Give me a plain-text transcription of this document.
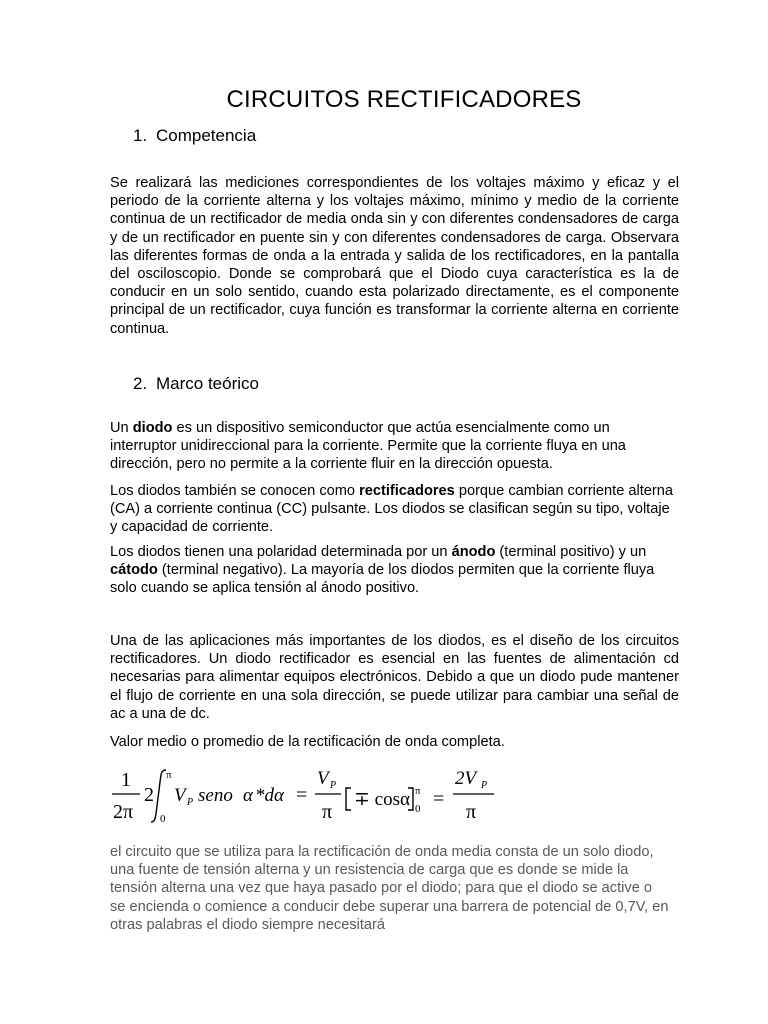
CIRCUITOS RECTIFICADORES
1. Competencia
Se realizará las mediciones correspondientes de los voltajes máximo y eficaz y el periodo de la corriente alterna y los voltajes máximo, mínimo y medio de la corriente continua de un rectificador de media onda sin y con diferentes condensadores de carga y de un rectificador en puente sin y con diferentes condensadores de carga. Observara las diferentes formas de onda a la entrada y salida de los rectificadores, en la pantalla del osciloscopio. Donde se comprobará que el Diodo cuya característica es la de conducir en un solo sentido, cuando esta polarizado directamente, es el componente principal de un rectificador, cuya función es transformar la corriente alterna en corriente continua.
2. Marco teórico
Un diodo es un dispositivo semiconductor que actúa esencialmente como un interruptor unidireccional para la corriente. Permite que la corriente fluya en una dirección, pero no permite a la corriente fluir en la dirección opuesta.
Los diodos también se conocen como rectificadores porque cambian corriente alterna (CA) a corriente continua (CC) pulsante. Los diodos se clasifican según su tipo, voltaje y capacidad de corriente.
Los diodos tienen una polaridad determinada por un ánodo (terminal positivo) y un cátodo (terminal negativo). La mayoría de los diodos permiten que la corriente fluya solo cuando se aplica tensión al ánodo positivo.
Una de las aplicaciones más importantes de los diodos, es el diseño de los circuitos rectificadores. Un diodo rectificador es esencial en las fuentes de alimentación cd necesarias para alimentar equipos electrónicos. Debido a que un diodo pude mantener el flujo de corriente en una sola dirección, se puede utilizar para cambiar una señal de ac a una de dc.
Valor medio o promedio de la rectificación de onda completa.
1
2π
2
π
0
V P seno α *dα =
V P
π
∓ cosα π
0 =
2V P
π
el circuito que se utiliza para la rectificación de onda media consta de un solo diodo, una fuente de tensión alterna y un resistencia de carga que es donde se mide la tensión alterna una vez que haya pasado por el diodo; para que el diodo se active o se encienda o comience a conducir debe superar una barrera de potencial de 0,7V, en otras palabras el diodo siempre necesitará
